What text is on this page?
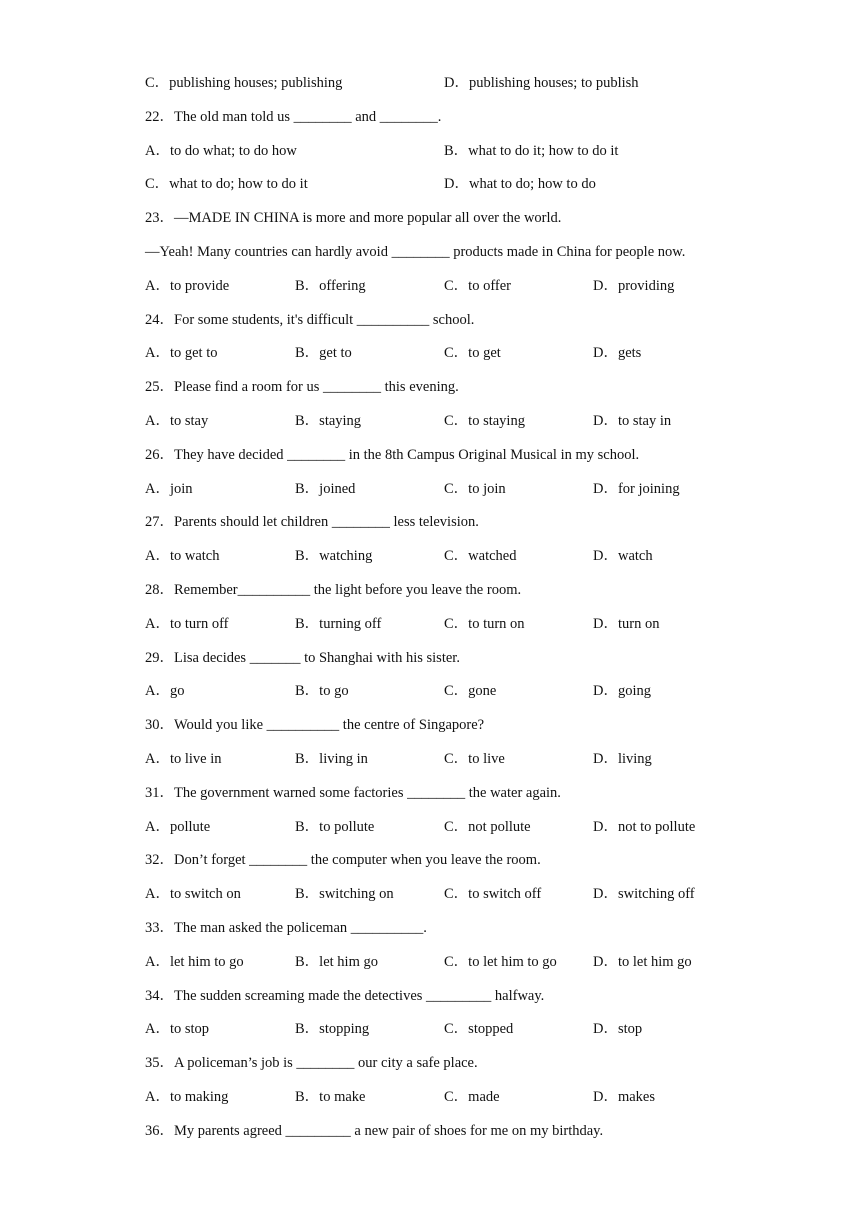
C．publishing houses; publishing	D．publishing houses; to publish
22．The old man told us ________ and ________.
A．to do what; to do how	B．what to do it; how to do it
C．what to do; how to do it	D．what to do; how to do
23．—MADE IN CHINA is more and more popular all over the world.
—Yeah! Many countries can hardly avoid ________ products made in China for people now.
A．to provide	B．offering	C．to offer	D．providing
24．For some students, it's difficult __________ school.
A．to get to	B．get to	C．to get	D．gets
25．Please find a room for us ________ this evening.
A．to stay	B．staying	C．to staying	D．to stay in
26．They have decided ________ in the 8th Campus Original Musical in my school.
A．join	B．joined	C．to join	D．for joining
27．Parents should let children ________ less television.
A．to watch	B．watching	C．watched	D．watch
28．Remember__________ the light before you leave the room.
A．to turn off	B．turning off	C．to turn on	D．turn on
29．Lisa decides _______ to Shanghai with his sister.
A．go	B．to go	C．gone	D．going
30．Would you like __________ the centre of Singapore?
A．to live in	B．living in	C．to live	D．living
31．The government warned some factories ________ the water again.
A．pollute	B．to pollute	C．not pollute	D．not to pollute
32．Don’t forget ________ the computer when you leave the room.
A．to switch on	B．switching on	C．to switch off	D．switching off
33．The man asked the policeman __________.
A．let him to go	B．let him go	C．to let him to go D．to let him go
34．The sudden screaming made the detectives _________ halfway.
A．to stop	B．stopping	C．stopped	D．stop
35．A policeman’s job is ________ our city a safe place.
A．to making	B．to make	C．made	D．makes
36．My parents agreed _________ a new pair of shoes for me on my birthday.
